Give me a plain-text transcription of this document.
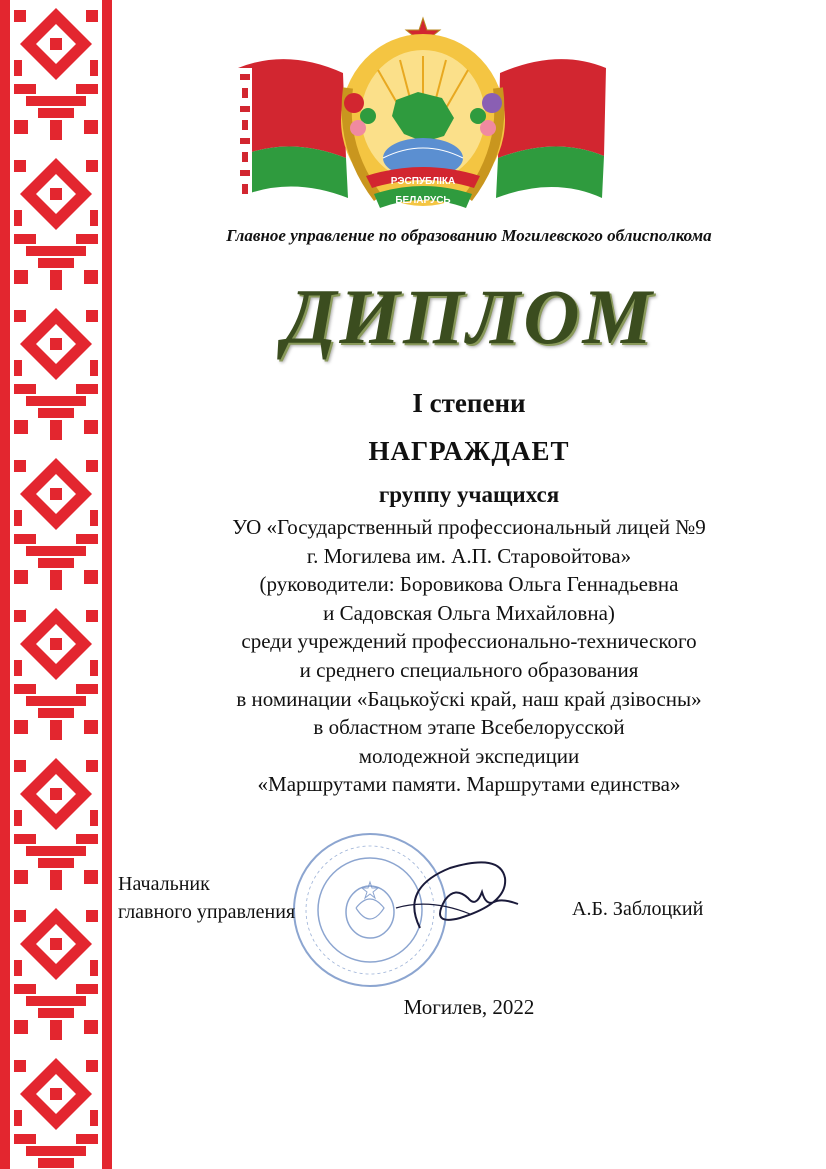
РЭСПУБЛІКА
БЕЛАРУСЬ
Главное управление по образованию Могилевского облисполкома
ДИПЛОМ
I степени
НАГРАЖДАЕТ
группу учащихся
УО «Государственный профессиональный лицей №9
г. Могилева им. А.П. Старовойтова»
(руководители: Боровикова Ольга Геннадьевна
и Садовская Ольга Михайловна)
среди учреждений профессионально-технического
и среднего специального образования
в номинации «Бацькоўскі край, наш край дзівосны»
в областном этапе Всебелорусской
молодежной экспедиции
«Маршрутами памяти. Маршрутами единства»
Начальник
главного управления	А.Б. Заблоцкий
Могилев, 2022
